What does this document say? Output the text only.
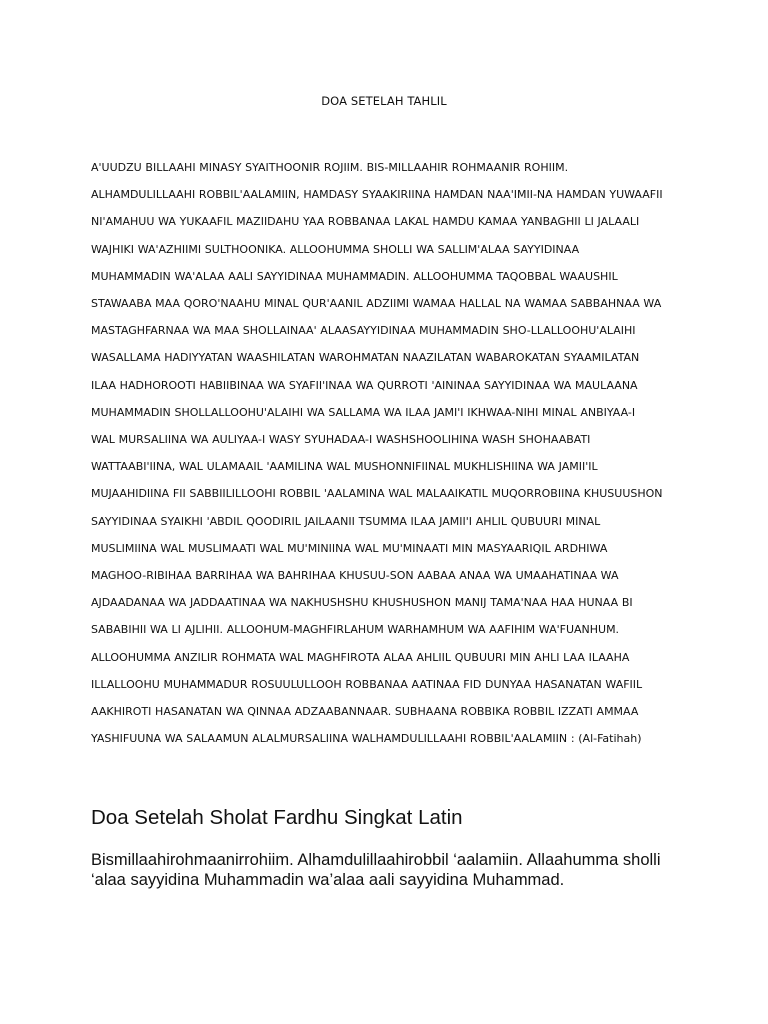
DOA SETELAH TAHLIL

A'UUDZU BILLAAHI MINASY SYAITHOONIR ROJIIM. BIS-MILLAAHIR ROHMAANIR ROHIIM.
ALHAMDULILLAAHI ROBBIL'AALAMIIN, HAMDASY SYAAKIRIINA HAMDAN NAA'IMII-NA HAMDAN YUWAAFII
NI'AMAHUU WA YUKAAFIL MAZIIDAHU YAA ROBBANAA LAKAL HAMDU KAMAA YANBAGHII LI JALAALI
WAJHIKI WA'AZHIIMI SULTHOONIKA. ALLOOHUMMA SHOLLI WA SALLIM'ALAA SAYYIDINAA
MUHAMMADIN WA'ALAA AALI SAYYIDINAA MUHAMMADIN. ALLOOHUMMA TAQOBBAL WAAUSHIL
STAWAABA MAA QORO'NAAHU MINAL QUR'AANIL ADZIIMI WAMAA HALLAL NA WAMAA SABBAHNAA WA
MASTAGHFARNAA WA MAA SHOLLAINAA' ALAASAYYIDINAA MUHAMMADIN SHO-LLALLOOHU'ALAIHI
WASALLAMA HADIYYATAN WAASHILATAN WAROHMATAN NAAZILATAN WABAROKATAN SYAAMILATAN
ILAA HADHOROOTI HABIIBINAA WA SYAFII'INAA WA QURROTI 'AININAA SAYYIDINAA WA MAULAANA
MUHAMMADIN SHOLLALLOOHU'ALAIHI WA SALLAMA WA ILAA JAMI'I IKHWAA-NIHI MINAL ANBIYAA-I
WAL MURSALIINA WA AULIYAA-I WASY SYUHADAA-I WASHSHOOLIHINA WASH SHOHAABATI
WATTAABI'IINA, WAL ULAMAAIL 'AAMILINA WAL MUSHONNIFIINAL MUKHLISHIINA WA JAMII'IL
MUJAAHIDIINA FII SABBIILILLOOHI ROBBIL 'AALAMINA WAL MALAAIKATIL MUQORROBIINA KHUSUUSHON
SAYYIDINAA SYAIKHI 'ABDIL QOODIRIL JAILAANII TSUMMA ILAA JAMII'I AHLIL QUBUURI MINAL
MUSLIMIINA WAL MUSLIMAATI WAL MU'MINIINA WAL MU'MINAATI MIN MASYAARIQIL ARDHIWA
MAGHOO-RIBIHAA BARRIHAA WA BAHRIHAA KHUSUU-SON AABAA ANAA WA UMAAHATINAA WA
AJDAADANAA WA JADDAATINAA WA NAKHUSHSHU KHUSHUSHON MANIJ TAMA'NAA HAA HUNAA BI
SABABIHII WA LI AJLIHII. ALLOOHUM-MAGHFIRLAHUM WARHAMHUM WA AAFIHIM WA'FUANHUM.
ALLOOHUMMA ANZILIR ROHMATA WAL MAGHFIROTA ALAA AHLIIL QUBUURI MIN AHLI LAA ILAAHA
ILLALLOOHU MUHAMMADUR ROSUULULLOOH ROBBANAA AATINAA FID DUNYAA HASANATAN WAFIIL
AAKHIROTI HASANATAN WA QINNAA ADZAABANNAAR. SUBHAANA ROBBIKA ROBBIL IZZATI AMMAA
YASHIFUUNA WA SALAAMUN ALALMURSALIINA WALHAMDULILLAAHI ROBBIL'AALAMIIN : (Al-Fatihah)

Doa Setelah Sholat Fardhu Singkat Latin

Bismillaahirohmaanirrohiim. Alhamdulillaahirobbil ‘aalamiin. Allaahumma sholli
‘alaa sayyidina Muhammadin wa’alaa aali sayyidina Muhammad.
